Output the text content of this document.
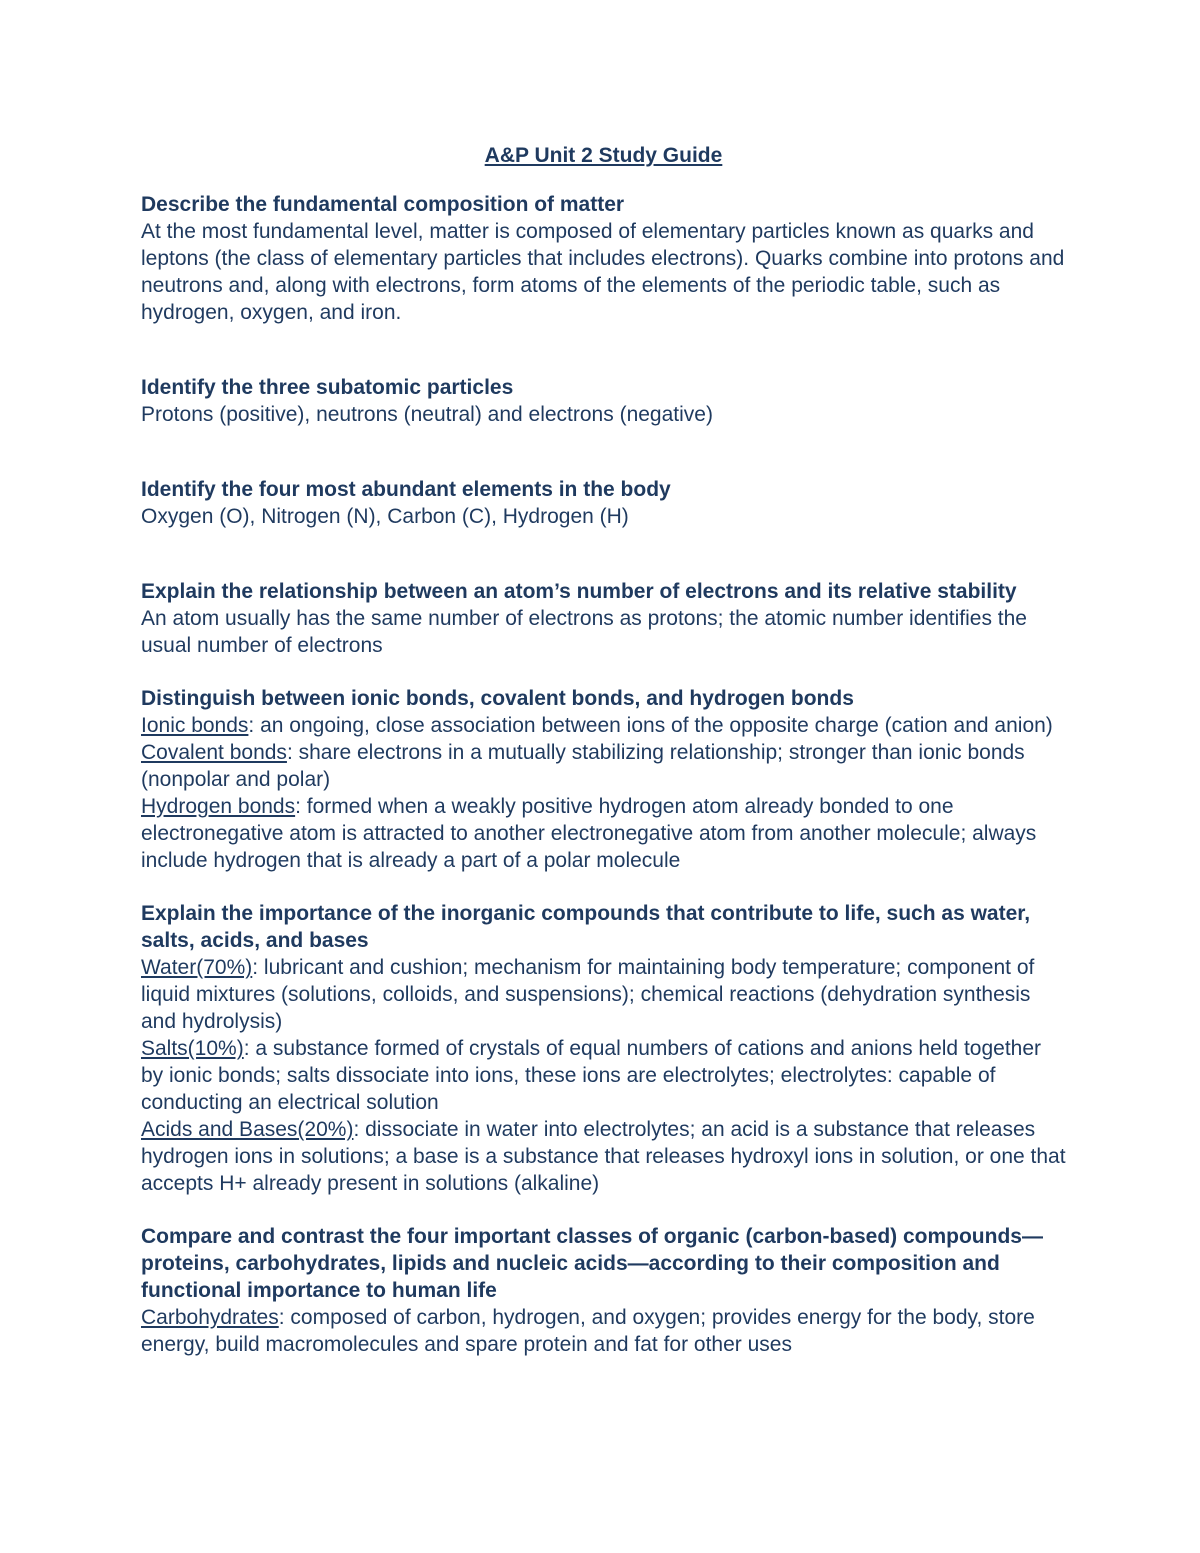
A&P Unit 2 Study Guide
Describe the fundamental composition of matter

At the most fundamental level, matter is composed of elementary particles known as quarks and leptons (the class of elementary particles that includes electrons). Quarks combine into protons and neutrons and, along with electrons, form atoms of the elements of the periodic table, such as hydrogen, oxygen, and iron.

Identify the three subatomic particles

Protons (positive), neutrons (neutral) and electrons (negative)

Identify the four most abundant elements in the body

Oxygen (O), Nitrogen (N), Carbon (C), Hydrogen (H)

Explain the relationship between an atom’s number of electrons and its relative stability

An atom usually has the same number of electrons as protons; the atomic number identifies the usual number of electrons

Distinguish between ionic bonds, covalent bonds, and hydrogen bonds

Ionic bonds: an ongoing, close association between ions of the opposite charge (cation and anion)

Covalent bonds: share electrons in a mutually stabilizing relationship; stronger than ionic bonds (nonpolar and polar)

Hydrogen bonds: formed when a weakly positive hydrogen atom already bonded to one electronegative atom is attracted to another electronegative atom from another molecule; always include hydrogen that is already a part of a polar molecule

Explain the importance of the inorganic compounds that contribute to life, such as water, salts, acids, and bases

Water(70%): lubricant and cushion; mechanism for maintaining body temperature; component of liquid mixtures (solutions, colloids, and suspensions); chemical reactions (dehydration synthesis and hydrolysis)

Salts(10%): a substance formed of crystals of equal numbers of cations and anions held together by ionic bonds; salts dissociate into ions, these ions are electrolytes; electrolytes: capable of conducting an electrical solution

Acids and Bases(20%): dissociate in water into electrolytes; an acid is a substance that releases hydrogen ions in solutions; a base is a substance that releases hydroxyl ions in solution, or one that accepts H+ already present in solutions (alkaline)

Compare and contrast the four important classes of organic (carbon-based) compounds—proteins, carbohydrates, lipids and nucleic acids—according to their composition and functional importance to human life

Carbohydrates: composed of carbon, hydrogen, and oxygen; provides energy for the body, store energy, build macromolecules and spare protein and fat for other uses
